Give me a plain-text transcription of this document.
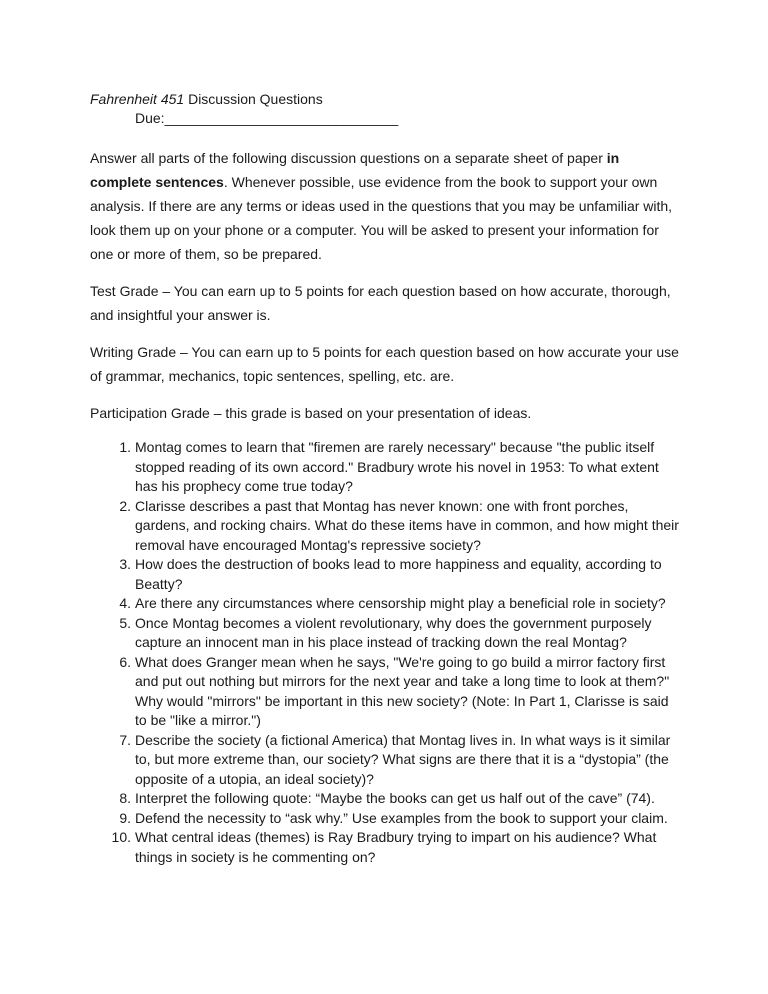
Fahrenheit 451 Discussion Questions
Due:______________________________

Answer all parts of the following discussion questions on a separate sheet of paper in complete sentences. Whenever possible, use evidence from the book to support your own analysis. If there are any terms or ideas used in the questions that you may be unfamiliar with, look them up on your phone or a computer. You will be asked to present your information for one or more of them, so be prepared.

Test Grade – You can earn up to 5 points for each question based on how accurate, thorough, and insightful your answer is.

Writing Grade – You can earn up to 5 points for each question based on how accurate your use of grammar, mechanics, topic sentences, spelling, etc. are.

Participation Grade – this grade is based on your presentation of ideas.

1. Montag comes to learn that "firemen are rarely necessary" because "the public itself stopped reading of its own accord." Bradbury wrote his novel in 1953: To what extent has his prophecy come true today?
2. Clarisse describes a past that Montag has never known: one with front porches, gardens, and rocking chairs. What do these items have in common, and how might their removal have encouraged Montag's repressive society?
3. How does the destruction of books lead to more happiness and equality, according to Beatty?
4. Are there any circumstances where censorship might play a beneficial role in society?
5. Once Montag becomes a violent revolutionary, why does the government purposely capture an innocent man in his place instead of tracking down the real Montag?
6. What does Granger mean when he says, "We're going to go build a mirror factory first and put out nothing but mirrors for the next year and take a long time to look at them?" Why would "mirrors" be important in this new society? (Note: In Part 1, Clarisse is said to be "like a mirror.")
7. Describe the society (a fictional America) that Montag lives in. In what ways is it similar to, but more extreme than, our society? What signs are there that it is a “dystopia” (the opposite of a utopia, an ideal society)?
8. Interpret the following quote: “Maybe the books can get us half out of the cave” (74).
9. Defend the necessity to “ask why.” Use examples from the book to support your claim.
10. What central ideas (themes) is Ray Bradbury trying to impart on his audience? What things in society is he commenting on?
